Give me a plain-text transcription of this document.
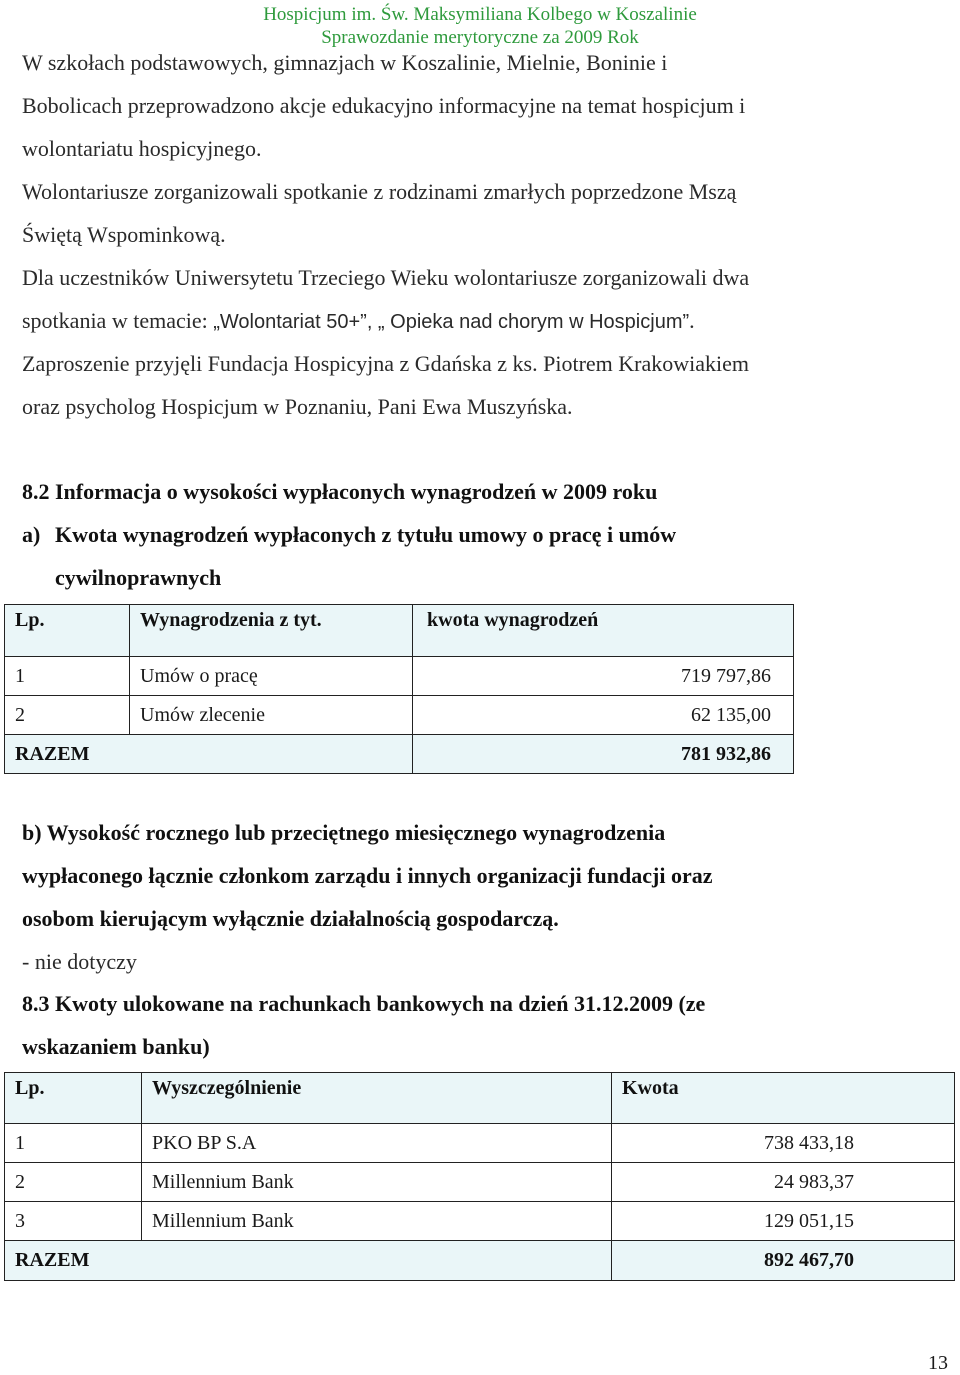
Hospicjum im. Św. Maksymiliana Kolbego w Koszalinie
Sprawozdanie merytoryczne za 2009 Rok
W szkołach podstawowych, gimnazjach w Koszalinie, Mielnie, Boninie i
Bobolicach przeprowadzono akcje edukacyjno informacyjne na temat hospicjum i
wolontariatu hospicyjnego.
Wolontariusze zorganizowali spotkanie z rodzinami zmarłych poprzedzone Mszą
Świętą Wspominkową.
Dla uczestników Uniwersytetu Trzeciego Wieku wolontariusze zorganizowali dwa
spotkania w temacie: „Wolontariat 50+”, „ Opieka nad chorym w Hospicjum”.
Zaproszenie przyjęli Fundacja Hospicyjna z Gdańska z ks. Piotrem Krakowiakiem
oraz psycholog Hospicjum w Poznaniu, Pani Ewa Muszyńska.
8.2 Informacja o wysokości wypłaconych wynagrodzeń w 2009 roku
a) Kwota wynagrodzeń wypłaconych z tytułu umowy o pracę i umów
cywilnoprawnych
Lp.	Wynagrodzenia z tyt.	kwota wynagrodzeń
1	Umów o pracę	719 797,86
2	Umów zlecenie	62 135,00
RAZEM		781 932,86
b) Wysokość rocznego lub przeciętnego miesięcznego wynagrodzenia
wypłaconego łącznie członkom zarządu i innych organizacji fundacji oraz
osobom kierującym wyłącznie działalnością gospodarczą.
- nie dotyczy
8.3 Kwoty ulokowane na rachunkach bankowych na dzień 31.12.2009 (ze
wskazaniem banku)
Lp.	Wyszczególnienie	Kwota
1	PKO BP S.A	738 433,18
2	Millennium Bank	24 983,37
3	Millennium Bank	129 051,15
RAZEM		892 467,70
13
